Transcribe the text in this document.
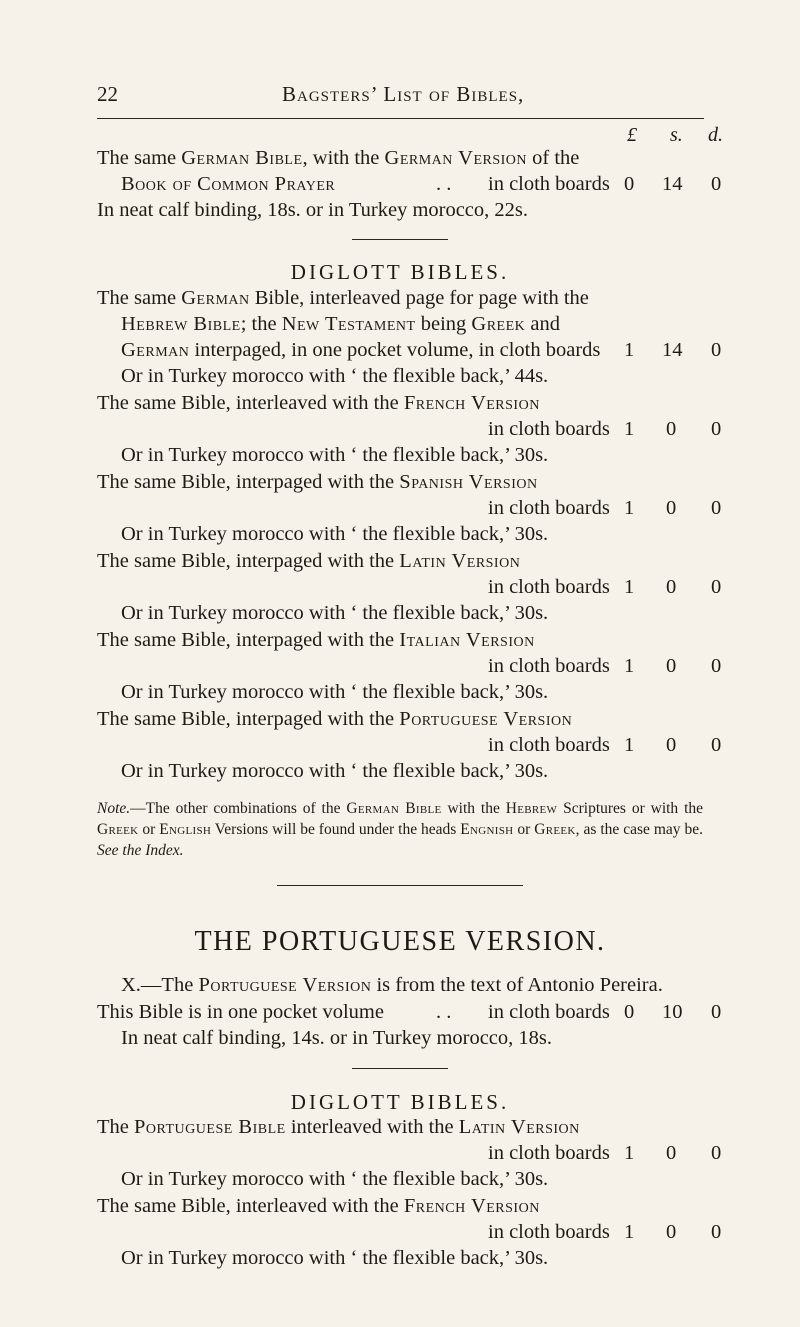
22	Bagsters’ List of Bibles,
£ s. d.
The same German Bible, with the German Version of the
Book of Common Prayer	. . in cloth boards 0 14 0
In neat calf binding, 18s. or in Turkey morocco, 22s.
DIGLOTT BIBLES.
The same German Bible, interleaved page for page with the
Hebrew Bible; the New Testament being Greek and
German interpaged, in one pocket volume, in cloth boards 1 14 0
Or in Turkey morocco with ‘ the flexible back,’ 44s.
The same Bible, interleaved with the French Version
in cloth boards 1 0 0
Or in Turkey morocco with ‘ the flexible back,’ 30s.
The same Bible, interpaged with the Spanish Version
in cloth boards 1 0 0
Or in Turkey morocco with ‘ the flexible back,’ 30s.
The same Bible, interpaged with the Latin Version
in cloth boards 1 0 0
Or in Turkey morocco with ‘ the flexible back,’ 30s.
The same Bible, interpaged with the Italian Version
in cloth boards 1 0 0
Or in Turkey morocco with ‘ the flexible back,’ 30s.
The same Bible, interpaged with the Portuguese Version
in cloth boards 1 0 0
Or in Turkey morocco with ‘ the flexible back,’ 30s.
Note.—The other combinations of the German Bible with the Hebrew Scriptures or with the Greek or English Versions will be found under the heads Engnish or Greek, as the case may be. See the Index.
THE PORTUGUESE VERSION.
X.—The Portuguese Version is from the text of Antonio Pereira.
This Bible is in one pocket volume	. . in cloth boards 0 10 0
In neat calf binding, 14s. or in Turkey morocco, 18s.
DIGLOTT BIBLES.
The Portuguese Bible interleaved with the Latin Version
in cloth boards 1 0 0
Or in Turkey morocco with ‘ the flexible back,’ 30s.
The same Bible, interleaved with the French Version
in cloth boards 1 0 0
Or in Turkey morocco with ‘ the flexible back,’ 30s.
